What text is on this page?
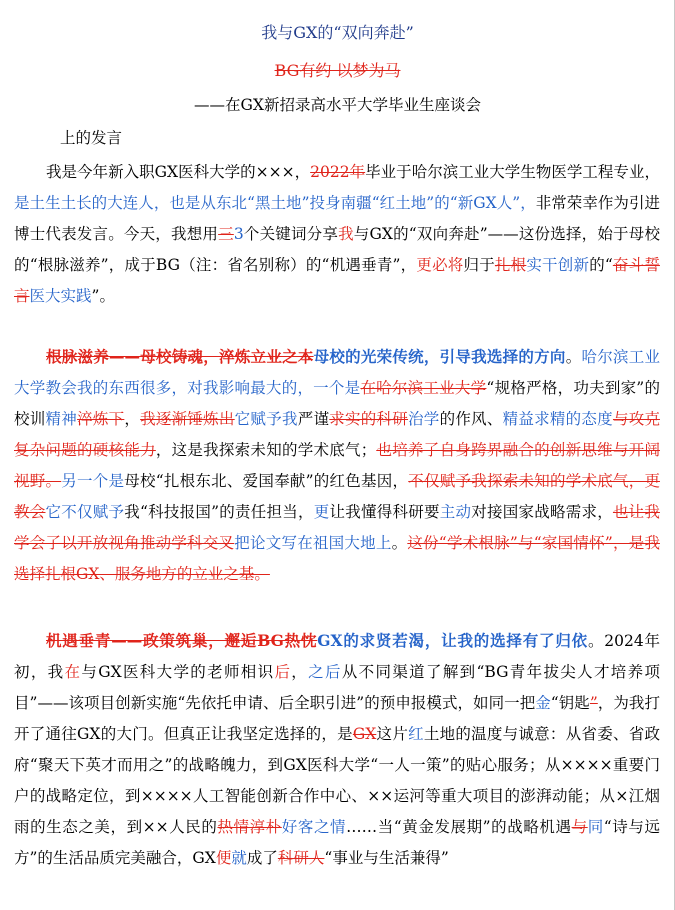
我与GX的“双向奔赴”
BG有约 以梦为马
——在GX新招录高水平大学毕业生座谈会
上的发言
我是今年新入职GX医科大学的×××，2022年毕业于哈尔滨工业大学生物医学工程专业，是土生土长的大连人，也是从东北“黑土地”投身南疆“红土地”的“新GX人”，非常荣幸作为引进博士代表发言。今天，我想用三3个关键词分享我与GX的“双向奔赴”——这份选择，始于母校的“根脉滋养”，成于BG（注：省名别称）的“机遇垂青”，更必将归于扎根实干创新的“奋斗誓言医大实践”。
根脉滋养——母校铸魂，淬炼立业之本母校的光荣传统，引导我选择的方向。哈尔滨工业大学教会我的东西很多，对我影响最大的，一个是在哈尔滨工业大学“规格严格，功夫到家”的校训精神淬炼下，我逐渐锤炼出它赋予我严谨求实的科研治学的作风、精益求精的态度与攻克复杂问题的硬核能力，这是我探索未知的学术底气；也培养了自身跨界融合的创新思维与开阔视野。另一个是母校“扎根东北、爱国奉献”的红色基因，不仅赋予我探索未知的学术底气，更教会它不仅赋予我“科技报国”的责任担当，更让我懂得科研要主动对接国家战略需求，也让我学会了以开放视角推动学科交叉把论文写在祖国大地上。这份“学术根脉”与“家国情怀”，是我选择扎根GX、服务地方的立业之基。
机遇垂青——政策筑巢，邂逅BG热忱GX的求贤若渴，让我的选择有了归依。2024年初，我在与GX医科大学的老师相识后，之后从不同渠道了解到“BG青年拔尖人才培养项目”——该项目创新实施“先依托申请、后全职引进”的预申报模式，如同一把金“钥匙”，为我打开了通往GX的大门。但真正让我坚定选择的，是GX这片红土地的温度与诚意：从省委、省政府“聚天下英才而用之”的战略魄力，到GX医科大学“一人一策”的贴心服务；从××××重要门户的战略定位，到××××人工智能创新合作中心、××运河等重大项目的澎湃动能；从×江烟雨的生态之美，到××人民的热情淳朴好客之情……当“黄金发展期”的战略机遇与同“诗与远方”的生活品质完美融合，GX便就成了科研人“事业与生活兼得”
